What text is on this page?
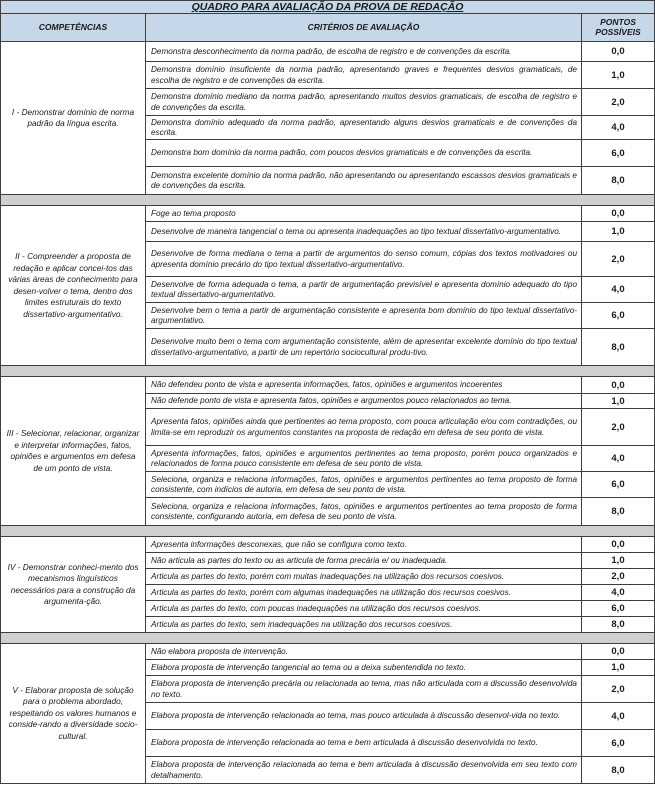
QUADRO PARA AVALIAÇÃO DA PROVA DE REDAÇÃO
COMPETÊNCIAS	CRITÉRIOS DE AVALIAÇÃO	PONTOS POSSÍVEIS
I - Demonstrar domínio de norma padrão da língua escrita.
Demonstra desconhecimento da norma padrão, de escolha de registro e de convenções da escrita.	0,0
Demonstra domínio insuficiente da norma padrão, apresentando graves e frequentes desvios gramaticais, de escolha de registro e de convenções da escrita.	1,0
Demonstra domínio mediano da norma padrão, apresentando muitos desvios gramaticais, de escolha de registro e de convenções da escrita.	2,0
Demonstra domínio adequado da norma padrão, apresentando alguns desvios gramaticais e de convenções da escrita.	4,0
Demonstra bom domínio da norma padrão, com poucos desvios gramaticais e de convenções da escrita.	6,0
Demonstra excelente domínio da norma padrão, não apresentando ou apresentando escassos desvios gramaticais e de convenções da escrita.	8,0
II - Compreender a proposta de redação e aplicar concei-tos das várias áreas de conhecimento para desen-volver o tema, dentro dos limites estruturais do texto dissertativo-argumentativo.
Foge ao tema proposto	0,0
Desenvolve de maneira tangencial o tema ou apresenta inadequações ao tipo textual dissertativo-argumentativo.	1,0
Desenvolve de forma mediana o tema a partir de argumentos do senso comum, cópias dos textos motivadores ou apresenta domínio precário do tipo textual dissertativo-argumentativo.	2,0
Desenvolve de forma adequada o tema, a partir de argumentação previsível e apresenta domínio adequado do tipo textual dissertativo-argumentativo.	4,0
Desenvolve bem o tema a partir de argumentação consistente e apresenta bom domínio do tipo textual dissertativo-argumentativo.	6,0
Desenvolve muito bem o tema com argumentação consistente, além de apresentar excelente domínio do tipo textual dissertativo-argumentativo, a partir de um repertório sociocultural produ-tivo.	8,0
III - Selecionar, relacionar, organizar e interpretar informações, fatos, opiniões e argumentos em defesa de um ponto de vista.
Não defendeu ponto de vista e apresenta informações, fatos, opiniões e argumentos incoerentes	0,0
Não defende ponto de vista e apresenta fatos, opiniões e argumentos pouco relacionados ao tema.	1,0
Apresenta fatos, opiniões ainda que pertinentes ao tema proposto, com pouca articulação e/ou com contradições, ou limita-se em reproduzir os argumentos constantes na proposta de redação em defesa de seu ponto de vista.	2,0
Apresenta informações, fatos, opiniões e argumentos pertinentes ao tema proposto, porém pouco organizados e relacionados de forma pouco consistente em defesa de seu ponto de vista.	4,0
Seleciona, organiza e relaciona informações, fatos, opiniões e argumentos pertinentes ao tema proposto de forma consistente, com indícios de autoria, em defesa de seu ponto de vista.	6,0
Seleciona, organiza e relaciona informações, fatos, opiniões e argumentos pertinentes ao tema proposto de forma consistente, configurando autoria, em defesa de seu ponto de vista.	8,0
IV - Demonstrar conheci-mento dos mecanismos linguísticos necessários para a construção da argumenta-ção.
Apresenta informações desconexas, que não se configura como texto.	0,0
Não articula as partes do texto ou as articula de forma precária e/ ou inadequada.	1,0
Articula as partes do texto, porém com muitas inadequações na utilização dos recursos coesivos.	2,0
Articula as partes do texto, porém com algumas inadequações na utilização dos recursos coesivos.	4,0
Articula as partes do texto, com poucas inadequações na utilização dos recursos coesivos.	6,0
Articula as partes do texto, sem inadequações na utilização dos recursos coesivos.	8,0
V - Elaborar proposta de solução para o problema abordado, respeitando os valores humanos e conside-rando a diversidade socio-cultural.
Não elabora proposta de intervenção.	0,0
Elabora proposta de intervenção tangencial ao tema ou a deixa subentendida no texto.	1,0
Elabora proposta de intervenção precária ou relacionada ao tema, mas não articulada com a discussão desenvolvida no texto.	2,0
Elabora proposta de intervenção relacionada ao tema, mas pouco articulada à discussão desenvol-vida no texto.	4,0
Elabora proposta de intervenção relacionada ao tema e bem articulada à discussão desenvolvida no texto.	6,0
Elabora proposta de intervenção relacionada ao tema e bem articulada à discussão desenvolvida em seu texto com detalhamento.	8,0
